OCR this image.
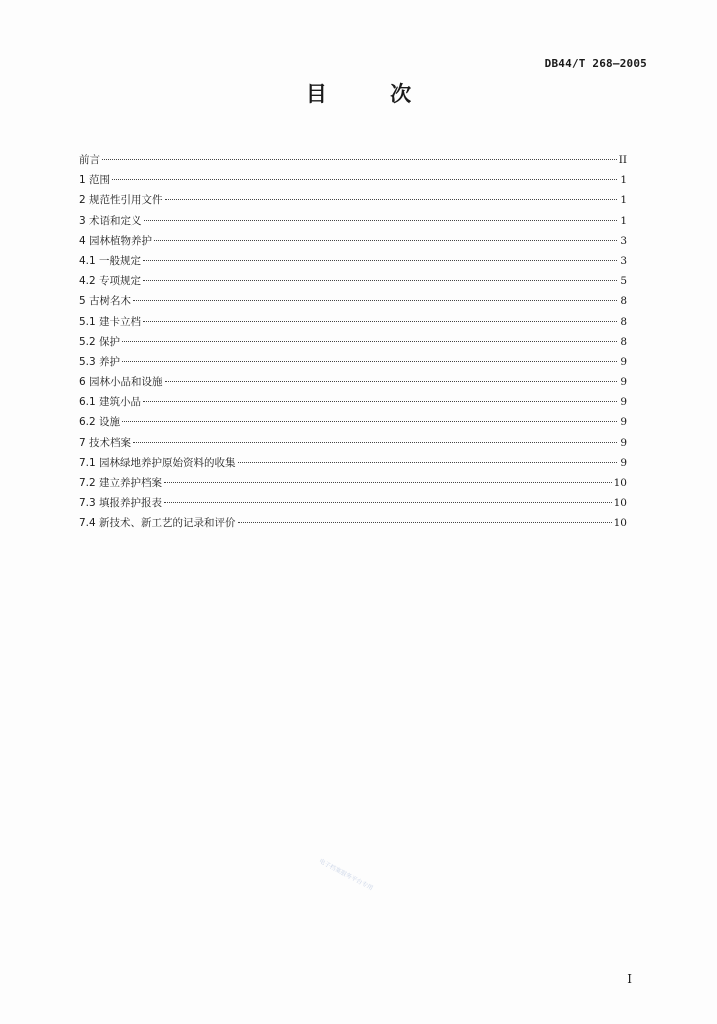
DB44/T 268—2005
目 次
前言	II
1 范围	1
2 规范性引用文件	1
3 术语和定义	1
4 园林植物养护	3
4.1 一般规定	3
4.2 专项规定	5
5 古树名木	8
5.1 建卡立档	8
5.2 保护	8
5.3 养护	9
6 园林小品和设施	9
6.1 建筑小品	9
6.2 设施	9
7 技术档案	9
7.1 园林绿地养护原始资料的收集	9
7.2 建立养护档案	10
7.3 填报养护报表	10
7.4 新技术、新工艺的记录和评价	10
电子档案服务平台专用
I
